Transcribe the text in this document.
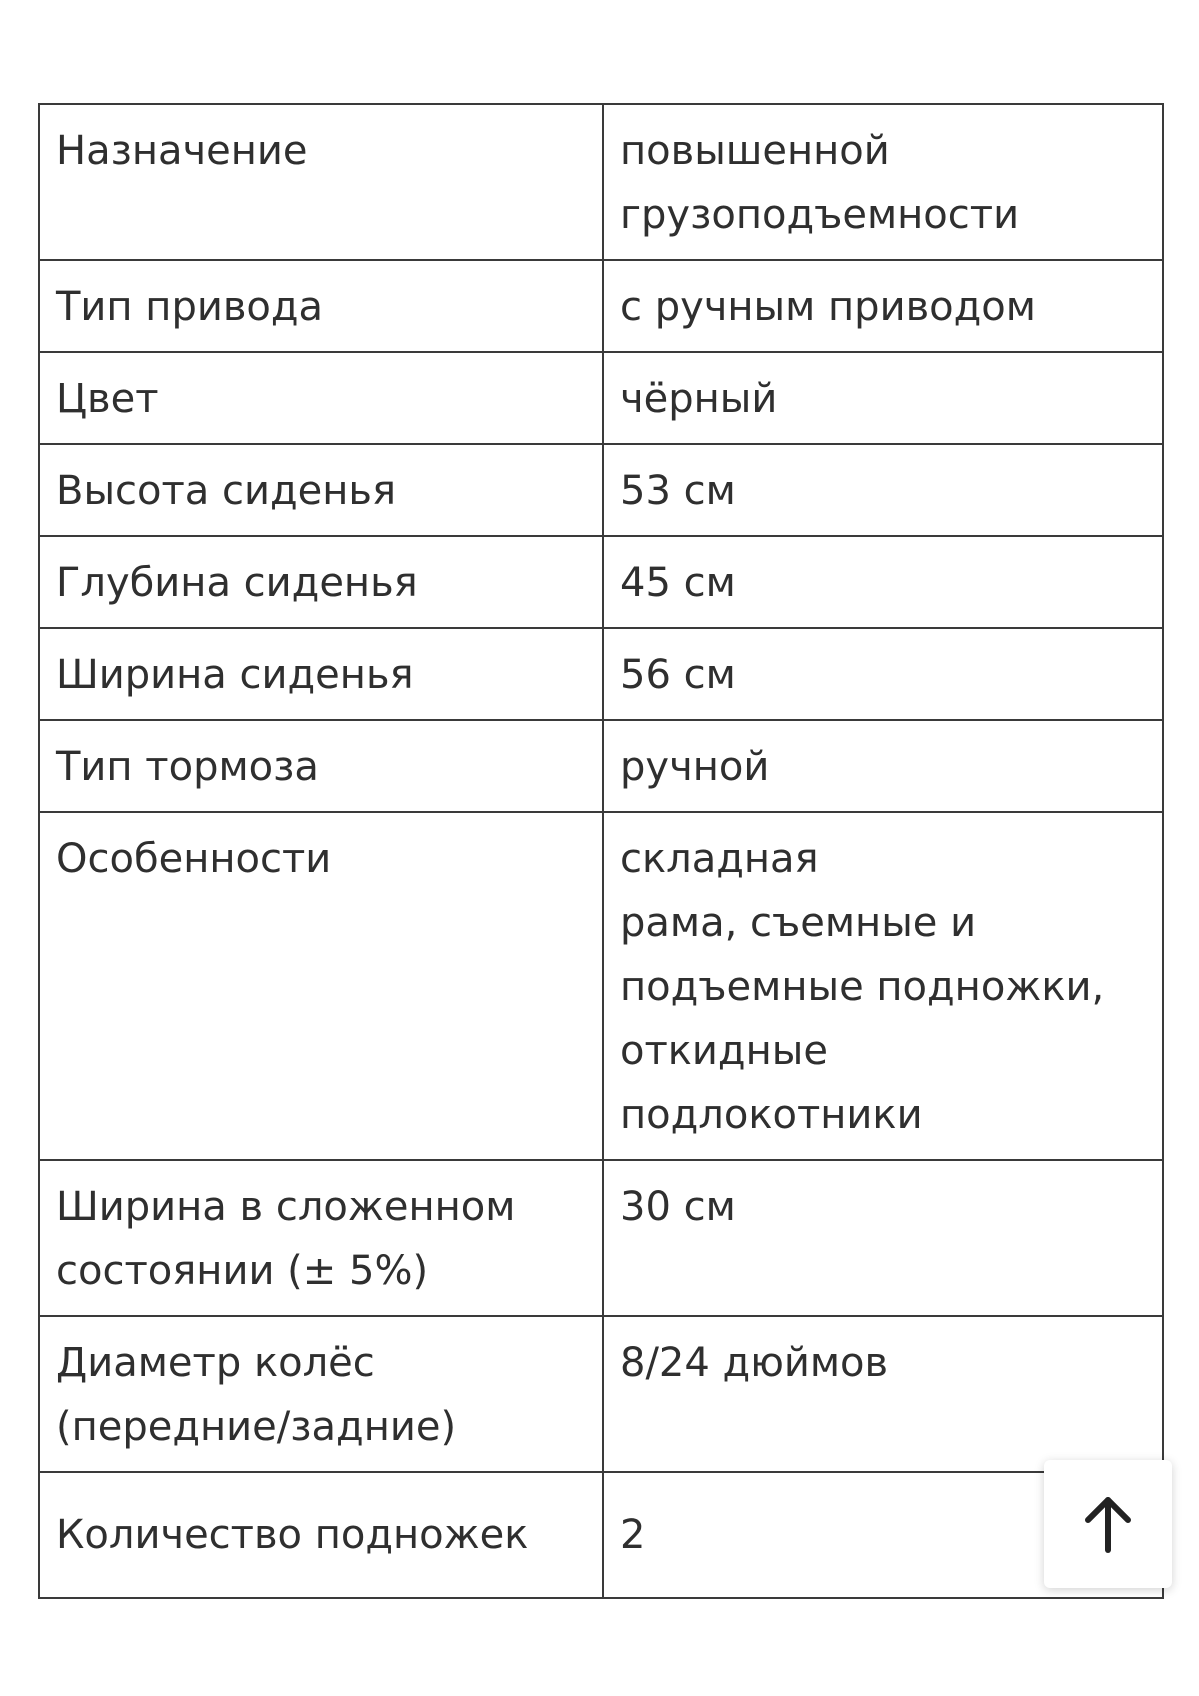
Назначение	повышенной
грузоподъемности
Тип привода	с ручным приводом
Цвет	чёрный
Высота сиденья	53 см
Глубина сиденья	45 см
Ширина сиденья	56 см
Тип тормоза	ручной
Особенности	складная
рама, съемные и
подъемные подножки,
откидные
подлокотники
Ширина в сложенном
состоянии (± 5%)	30 см
Диаметр колёс
(передние/задние)	8/24 дюймов
Количество подножек	2
